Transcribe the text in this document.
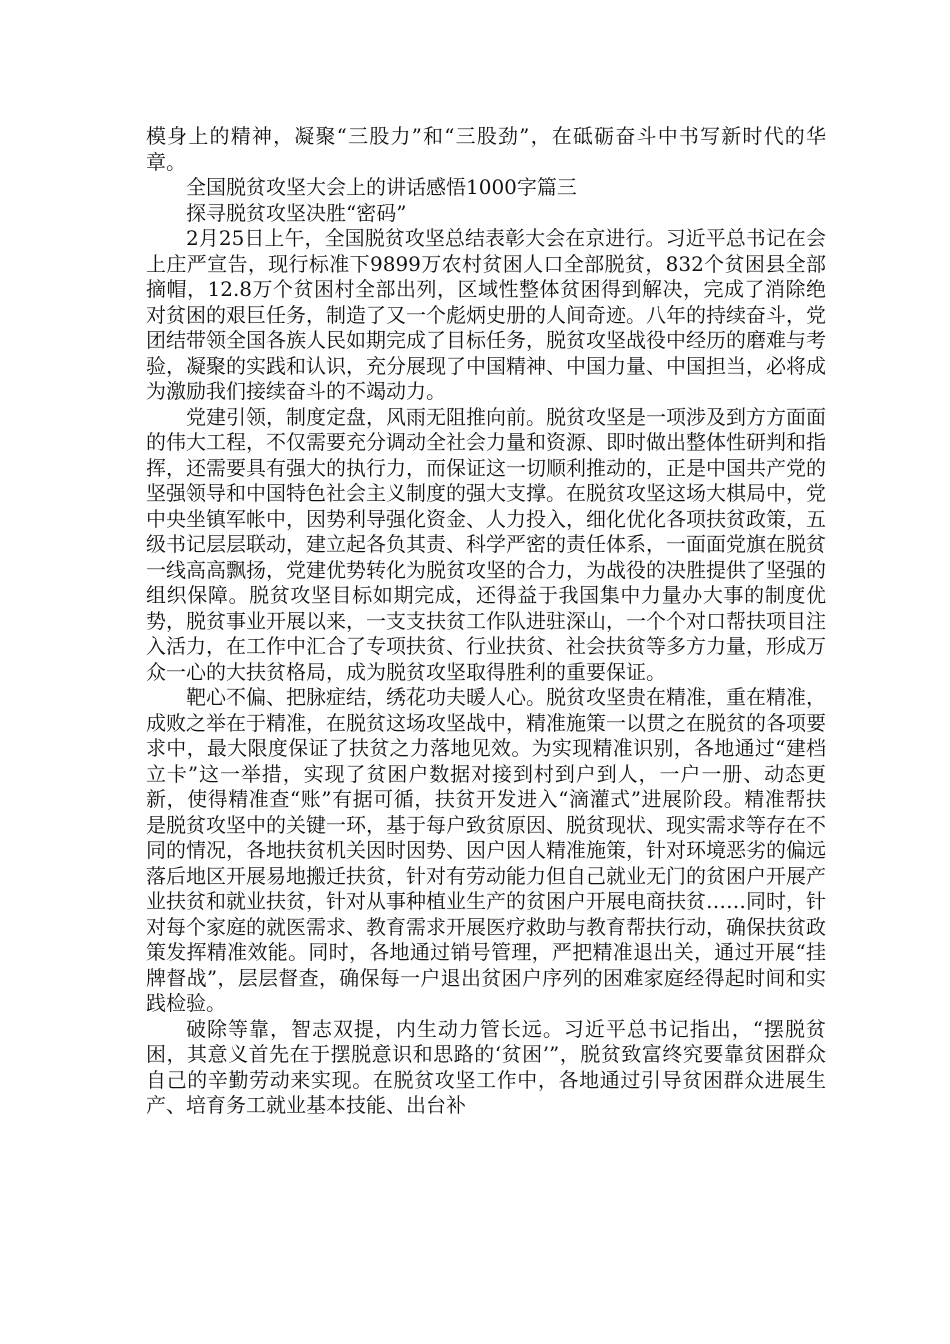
模身上的精神，凝聚“三股力”和“三股劲”，在砥砺奋斗中书写新时代的华章。

全国脱贫攻坚大会上的讲话感悟1000字篇三

探寻脱贫攻坚决胜“密码”

2月25日上午，全国脱贫攻坚总结表彰大会在京进行。习近平总书记在会上庄严宣告，现行标准下9899万农村贫困人口全部脱贫，832个贫困县全部摘帽，12.8万个贫困村全部出列，区域性整体贫困得到解决，完成了消除绝对贫困的艰巨任务，制造了又一个彪炳史册的人间奇迹。八年的持续奋斗，党团结带领全国各族人民如期完成了目标任务，脱贫攻坚战役中经历的磨难与考验，凝聚的实践和认识，充分展现了中国精神、中国力量、中国担当，必将成为激励我们接续奋斗的不竭动力。

党建引领，制度定盘，风雨无阻推向前。脱贫攻坚是一项涉及到方方面面的伟大工程，不仅需要充分调动全社会力量和资源、即时做出整体性研判和指挥，还需要具有强大的执行力，而保证这一切顺利推动的，正是中国共产党的坚强领导和中国特色社会主义制度的强大支撑。在脱贫攻坚这场大棋局中，党中央坐镇军帐中，因势利导强化资金、人力投入，细化优化各项扶贫政策，五级书记层层联动，建立起各负其责、科学严密的责任体系，一面面党旗在脱贫一线高高飘扬，党建优势转化为脱贫攻坚的合力，为战役的决胜提供了坚强的组织保障。脱贫攻坚目标如期完成，还得益于我国集中力量办大事的制度优势，脱贫事业开展以来，一支支扶贫工作队进驻深山，一个个对口帮扶项目注入活力，在工作中汇合了专项扶贫、行业扶贫、社会扶贫等多方力量，形成万众一心的大扶贫格局，成为脱贫攻坚取得胜利的重要保证。

靶心不偏、把脉症结，绣花功夫暖人心。脱贫攻坚贵在精准，重在精准，成败之举在于精准，在脱贫这场攻坚战中，精准施策一以贯之在脱贫的各项要求中，最大限度保证了扶贫之力落地见效。为实现精准识别，各地通过“建档立卡”这一举措，实现了贫困户数据对接到村到户到人，一户一册、动态更新，使得精准查“账”有据可循，扶贫开发进入“滴灌式”进展阶段。精准帮扶是脱贫攻坚中的关键一环，基于每户致贫原因、脱贫现状、现实需求等存在不同的情况，各地扶贫机关因时因势、因户因人精准施策，针对环境恶劣的偏远落后地区开展易地搬迁扶贫，针对有劳动能力但自己就业无门的贫困户开展产业扶贫和就业扶贫，针对从事种植业生产的贫困户开展电商扶贫……同时，针对每个家庭的就医需求、教育需求开展医疗救助与教育帮扶行动，确保扶贫政策发挥精准效能。同时，各地通过销号管理，严把精准退出关，通过开展“挂牌督战”，层层督查，确保每一户退出贫困户序列的困难家庭经得起时间和实践检验。

破除等靠，智志双提，内生动力管长远。习近平总书记指出，“摆脱贫困，其意义首先在于摆脱意识和思路的‘贫困’”，脱贫致富终究要靠贫困群众自己的辛勤劳动来实现。在脱贫攻坚工作中，各地通过引导贫困群众进展生产、培育务工就业基本技能、出台补
